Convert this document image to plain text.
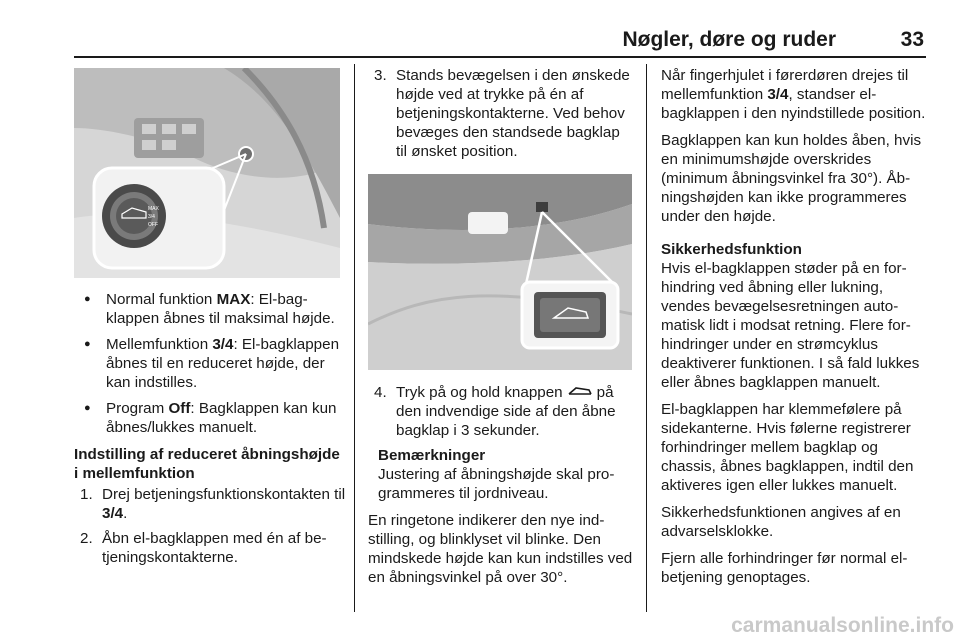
Nøgler, døre og ruder	33
MAX
3/4
OFF
● Normal funktion MAX: El-bagklappen åbnes til maksimal højde.
● Mellemfunktion 3/4: El-bagklappen åbnes til en reduceret højde, der kan indstilles.
● Program Off: Bagklappen kan kun åbnes/lukkes manuelt.

Indstilling af reduceret åbningshøjde i mellemfunktion

1. Drej betjeningsfunktionskontakten til 3/4.
2. Åbn el-bagklappen med én af betjeningskontakterne.
3. Stands bevægelsen i den ønskede højde ved at trykke på én af betjeningskontakterne. Ved behov bevæges den standsede bagklap til ønsket position.
4. Tryk på og hold knappen på den indvendige side af den åbne bagklap i 3 sekunder.

Bemærkninger

Justering af åbningshøjde skal programmeres til jordniveau.

En ringetone indikerer den nye indstilling, og blinklyset vil blinke. Den mindskede højde kan kun indstilles ved en åbningsvinkel på over 30°.

Når fingerhjulet i førerdøren drejes til mellemfunktion 3/4, standser el-bagklappen i den nyindstillede position.

Bagklappen kan kun holdes åben, hvis en minimumshøjde overskrides (minimum åbningsvinkel fra 30°). Åbningshøjden kan ikke programmeres under den højde.

Sikkerhedsfunktion

Hvis el-bagklappen støder på en forhindring ved åbning eller lukning, vendes bevægelsesretningen automatisk lidt i modsat retning. Flere forhindringer under en strømcyklus deaktiverer funktionen. I så fald lukkes eller åbnes bagklappen manuelt.

El-bagklappen har klemmefølere på sidekanterne. Hvis følerne registrerer forhindringer mellem bagklap og chassis, åbnes bagklappen, indtil den aktiveres igen eller lukkes manuelt.

Sikkerhedsfunktionen angives af en advarselsklokke.

Fjern alle forhindringer før normal elbetjening genoptages.

carmanualsonline.info
